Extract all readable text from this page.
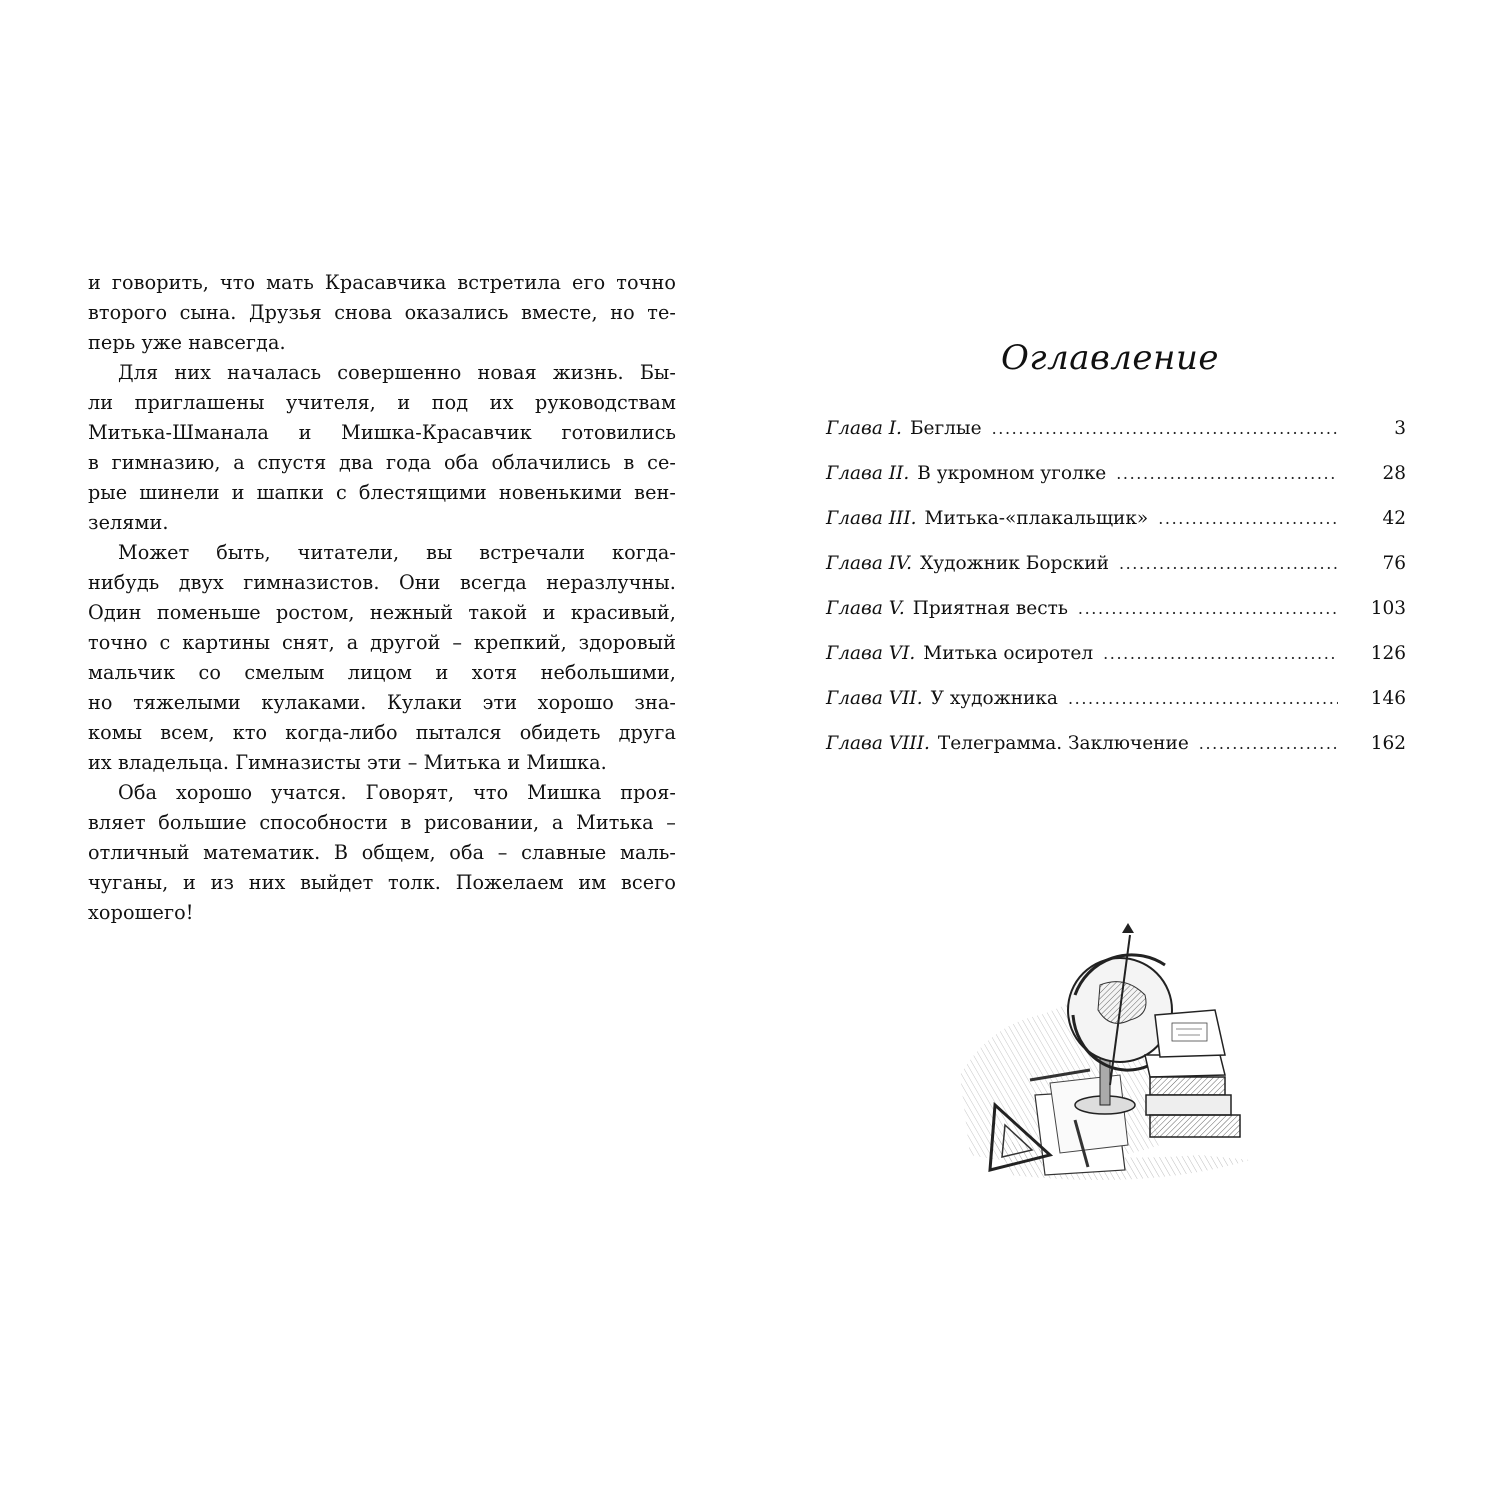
и говорить, что мать Красавчика встретила его точно
второго сына. Друзья снова оказались вместе, но те-
перь уже навсегда.

Для них началась совершенно новая жизнь. Бы-
ли приглашены учителя, и под их руководствам
Митька-Шманала и Мишка-Красавчик готовились
в гимназию, а спустя два года оба облачились в се-
рые шинели и шапки с блестящими новенькими вен-
зелями.

Может быть, читатели, вы встречали когда-
нибудь двух гимназистов. Они всегда неразлучны.
Один поменьше ростом, нежный такой и красивый,
точно с картины снят, а другой – крепкий, здоровый
мальчик со смелым лицом и хотя небольшими,
но тяжелыми кулаками. Кулаки эти хорошо зна-
комы всем, кто когда-либо пытался обидеть друга
их владельца. Гимназисты эти – Митька и Мишка.

Оба хорошо учатся. Говорят, что Мишка проя-
вляет большие способности в рисовании, а Митька –
отличный математик. В общем, оба – славные маль-
чуганы, и из них выйдет толк. Пожелаем им всего
хорошего!

Оглавление
Глава I. Беглые .....	3
Глава II. В укромном уголке .....	28
Глава III. Митька-«плакальщик» .....	42
Глава IV. Художник Борский .....	76
Глава V. Приятная весть .....	103
Глава VI. Митька осиротел .....	126
Глава VII. У художника .....	146
Глава VIII. Телеграмма. Заключение .....	162
